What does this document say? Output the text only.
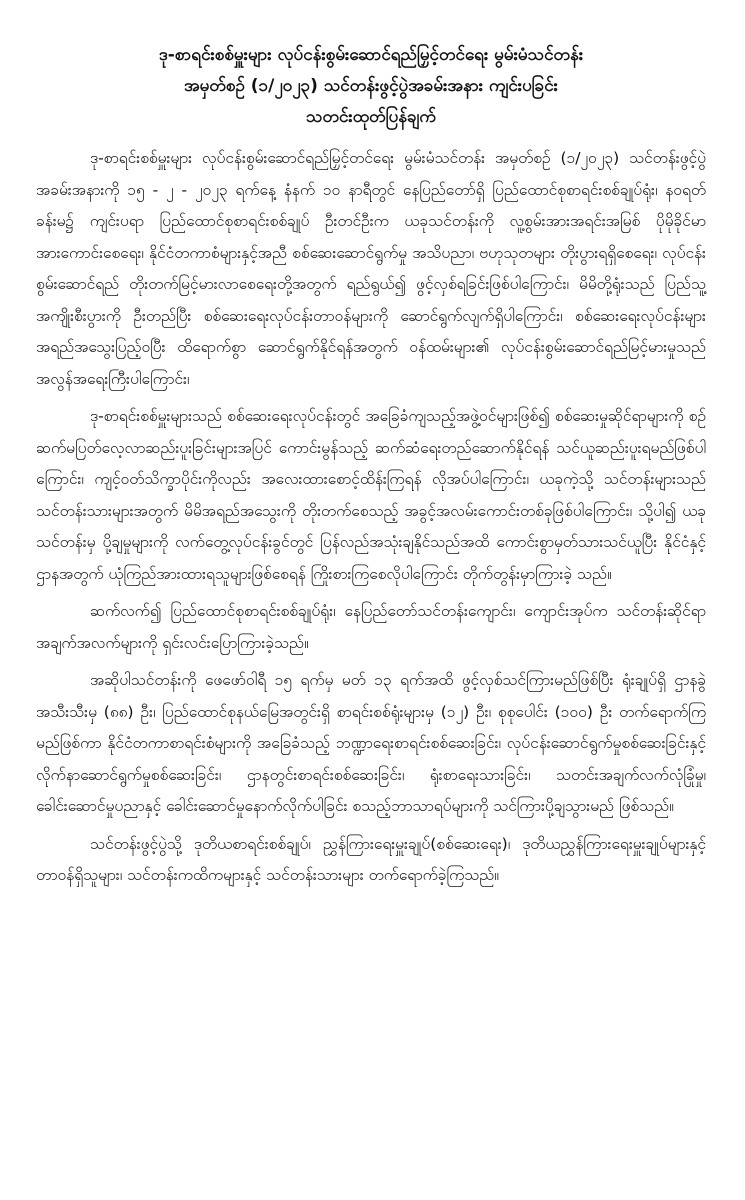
ဒု-စာရင်းစစ်မှူးများ လုပ်ငန်းစွမ်းဆောင်ရည်မြှင့်တင်ရေး မွမ်းမံသင်တန်း

အမှတ်စဉ် (၁/၂၀၂၃) သင်တန်းဖွင့်ပွဲအခမ်းအနား ကျင်းပခြင်း

သတင်းထုတ်ပြန်ချက်

ဒု-စာရင်းစစ်မှူးများ လုပ်ငန်းစွမ်းဆောင်ရည်မြှင့်တင်ရေး မွမ်းမံသင်တန်း အမှတ်စဉ် (၁/၂၀၂၃) သင်တန်းဖွင့်ပွဲအခမ်းအနားကို ၁၅ - ၂ - ၂၀၂၃ ရက်နေ့ နံနက် ၁၀ နာရီတွင် နေပြည်တော်ရှိ ပြည်ထောင်စုစာရင်းစစ်ချုပ်ရုံး၊ နဝရတ်ခန်းမ၌ ကျင်းပရာ ပြည်ထောင်စုစာရင်းစစ်ချုပ် ဦးတင်ဦးက ယခုသင်တန်းကို လူ့စွမ်းအားအရင်းအမြစ် ပိုမိုခိုင်မာအားကောင်းစေရေး၊ နိုင်ငံတကာစံများနှင့်အညီ စစ်ဆေးဆောင်ရွက်မှု အသိပညာ၊ ဗဟုသုတများ တိုးပွားရရှိစေရေး၊ လုပ်ငန်းစွမ်းဆောင်ရည် တိုးတက်မြင့်မားလာစေရေးတို့အတွက် ရည်ရွယ်၍ ဖွင့်လှစ်ရခြင်းဖြစ်ပါကြောင်း၊ မိမိတို့ရုံးသည် ပြည်သူ့အကျိုးစီးပွားကို ဦးတည်ပြီး စစ်ဆေးရေးလုပ်ငန်းတာဝန်များကို ဆောင်ရွက်လျက်ရှိပါကြောင်း၊ စစ်ဆေးရေးလုပ်ငန်းများ အရည်အသွေးပြည့်ဝပြီး ထိရောက်စွာ ဆောင်ရွက်နိုင်ရန်အတွက် ဝန်ထမ်းများ၏ လုပ်ငန်းစွမ်းဆောင်ရည်မြင့်မားမှုသည် အလွန်အရေးကြီးပါကြောင်း၊

ဒု-စာရင်းစစ်မှူးများသည် စစ်ဆေးရေးလုပ်ငန်းတွင် အခြေခံကျသည့်အဖွဲ့ဝင်များဖြစ်၍ စစ်ဆေးမှုဆိုင်ရာများကို စဉ်ဆက်မပြတ်လေ့လာဆည်းပူးခြင်းများအပြင် ကောင်းမွန်သည့် ဆက်ဆံရေးတည်ဆောက်နိုင်ရန် သင်ယူဆည်းပူးရမည်ဖြစ်ပါကြောင်း၊ ကျင့်ဝတ်သိက္ခာပိုင်းကိုလည်း အလေးထားစောင့်ထိန်းကြရန် လိုအပ်ပါကြောင်း၊ ယခုကဲ့သို့ သင်တန်းများသည် သင်တန်းသားများအတွက် မိမိအရည်အသွေးကို တိုးတက်စေသည့် အခွင့်အလမ်းကောင်းတစ်ခုဖြစ်ပါကြောင်း၊ သို့ပါ၍ ယခုသင်တန်းမှ ပို့ချမှုများကို လက်တွေ့လုပ်ငန်းခွင်တွင် ပြန်လည်အသုံးချနိုင်သည်အထိ ကောင်းစွာမှတ်သားသင်ယူပြီး နိုင်ငံနှင့် ဌာနအတွက် ယုံကြည်အားထားရသူများဖြစ်စေရန် ကြိုးစားကြစေလိုပါကြောင်း တိုက်တွန်းမှာကြားခဲ့ သည်။

ဆက်လက်၍ ပြည်ထောင်စုစာရင်းစစ်ချုပ်ရုံး၊ နေပြည်တော်သင်တန်းကျောင်း၊ ကျောင်းအုပ်က သင်တန်းဆိုင်ရာအချက်အလက်များကို ရှင်းလင်းပြောကြားခဲ့သည်။

အဆိုပါသင်တန်းကို ဖေဖော်ဝါရီ ၁၅ ရက်မှ မတ် ၁၃ ရက်အထိ ဖွင့်လှစ်သင်ကြားမည်ဖြစ်ပြီး ရုံးချုပ်ရှိ ဌာနခွဲအသီးသီးမှ (၈၈) ဦး၊ ပြည်ထောင်စုနယ်မြေအတွင်းရှိ စာရင်းစစ်ရုံးများမှ (၁၂) ဦး၊ စုစုပေါင်း (၁၀၀) ဦး တက်ရောက်ကြမည်ဖြစ်ကာ နိုင်ငံတကာစာရင်းစံများကို အခြေခံသည့် ဘဏ္ဍာရေးစာရင်းစစ်ဆေးခြင်း၊ လုပ်ငန်းဆောင်ရွက်မှုစစ်ဆေးခြင်းနှင့် လိုက်နာဆောင်ရွက်မှုစစ်ဆေးခြင်း၊ ဌာနတွင်းစာရင်းစစ်ဆေးခြင်း၊ ရုံးစာရေးသားခြင်း၊ သတင်းအချက်လက်လုံခြုံမှု၊ ခေါင်းဆောင်မှုပညာနှင့် ခေါင်းဆောင်မှုနောက်လိုက်ပါခြင်း စသည့်ဘာသာရပ်များကို သင်ကြားပို့ချသွားမည် ဖြစ်သည်။

သင်တန်းဖွင့်ပွဲသို့ ဒုတိယစာရင်းစစ်ချုပ်၊ ညွှန်ကြားရေးမှူးချုပ်(စစ်ဆေးရေး)၊ ဒုတိယညွှန်ကြားရေးမှူးချုပ်များနှင့် တာဝန်ရှိသူများ၊ သင်တန်းကထိကများနှင့် သင်တန်းသားများ တက်ရောက်ခဲ့ကြသည်။
